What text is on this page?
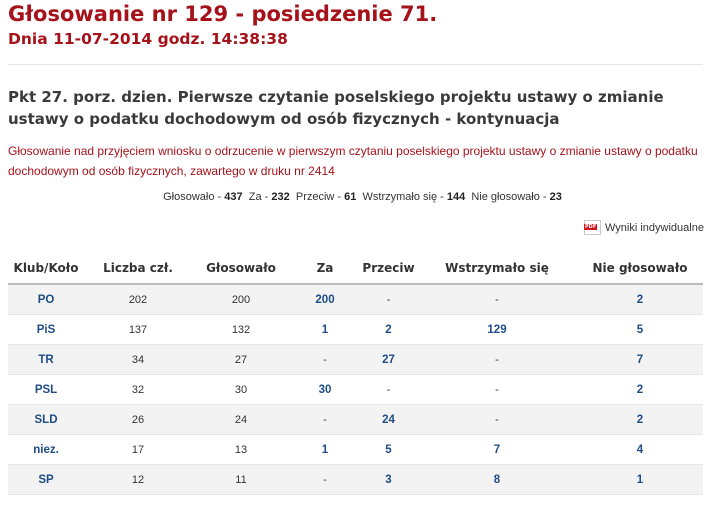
Głosowanie nr 129 - posiedzenie 71.
Dnia 11-07-2014 godz. 14:38:38
Pkt 27. porz. dzien. Pierwsze czytanie poselskiego projektu ustawy o zmianie ustawy o podatku dochodowym od osób fizycznych - kontynuacja
Głosowanie nad przyjęciem wniosku o odrzucenie w pierwszym czytaniu poselskiego projektu ustawy o zmianie ustawy o podatku dochodowym od osób fizycznych, zawartego w druku nr 2414
Głosowało - 437 Za - 232 Przeciw - 61 Wstrzymało się - 144 Nie głosowało - 23
PDF
Wyniki indywidualne
Klub/Koło	Liczba czł.	Głosowało	Za	Przeciw	Wstrzymało się	Nie głosowało
PO	202	200	200	-	-	2
PiS	137	132	1	2	129	5
TR	34	27	-	27	-	7
PSL	32	30	30	-	-	2
SLD	26	24	-	24	-	2
niez.	17	13	1	5	7	4
SP	12	11	-	3	8	1
